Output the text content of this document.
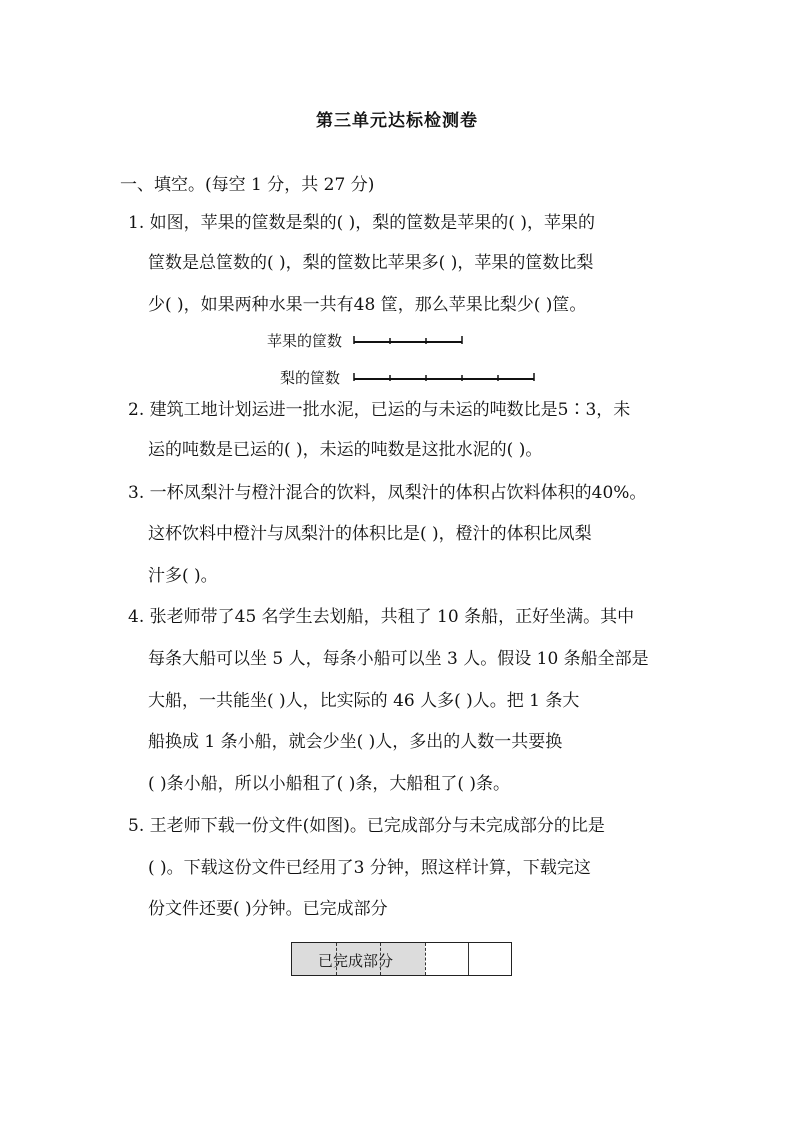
第三单元达标检测卷
一、填空。(每空 1 分，共 27 分)
1. 如图，苹果的筐数是梨的( )，梨的筐数是苹果的( )，苹果的
筐数是总筐数的( )，梨的筐数比苹果多( )，苹果的筐数比梨
少( )，如果两种水果一共有48 筐，那么苹果比梨少( )筐。
苹果的筐数
梨的筐数
2. 建筑工地计划运进一批水泥，已运的与未运的吨数比是5∶3，未
运的吨数是已运的( )，未运的吨数是这批水泥的( )。
3. 一杯凤梨汁与橙汁混合的饮料，凤梨汁的体积占饮料体积的40%。
这杯饮料中橙汁与凤梨汁的体积比是( )，橙汁的体积比凤梨
汁多( )。
4. 张老师带了45 名学生去划船，共租了 10 条船，正好坐满。其中
每条大船可以坐 5 人，每条小船可以坐 3 人。假设 10 条船全部是
大船，一共能坐( )人，比实际的 46 人多( )人。把 1 条大
船换成 1 条小船，就会少坐( )人，多出的人数一共要换
( )条小船，所以小船租了( )条，大船租了( )条。
5. 王老师下载一份文件(如图)。已完成部分与未完成部分的比是
( )。下载这份文件已经用了3 分钟，照这样计算，下载完这
份文件还要( )分钟。已完成部分
已完成部分
